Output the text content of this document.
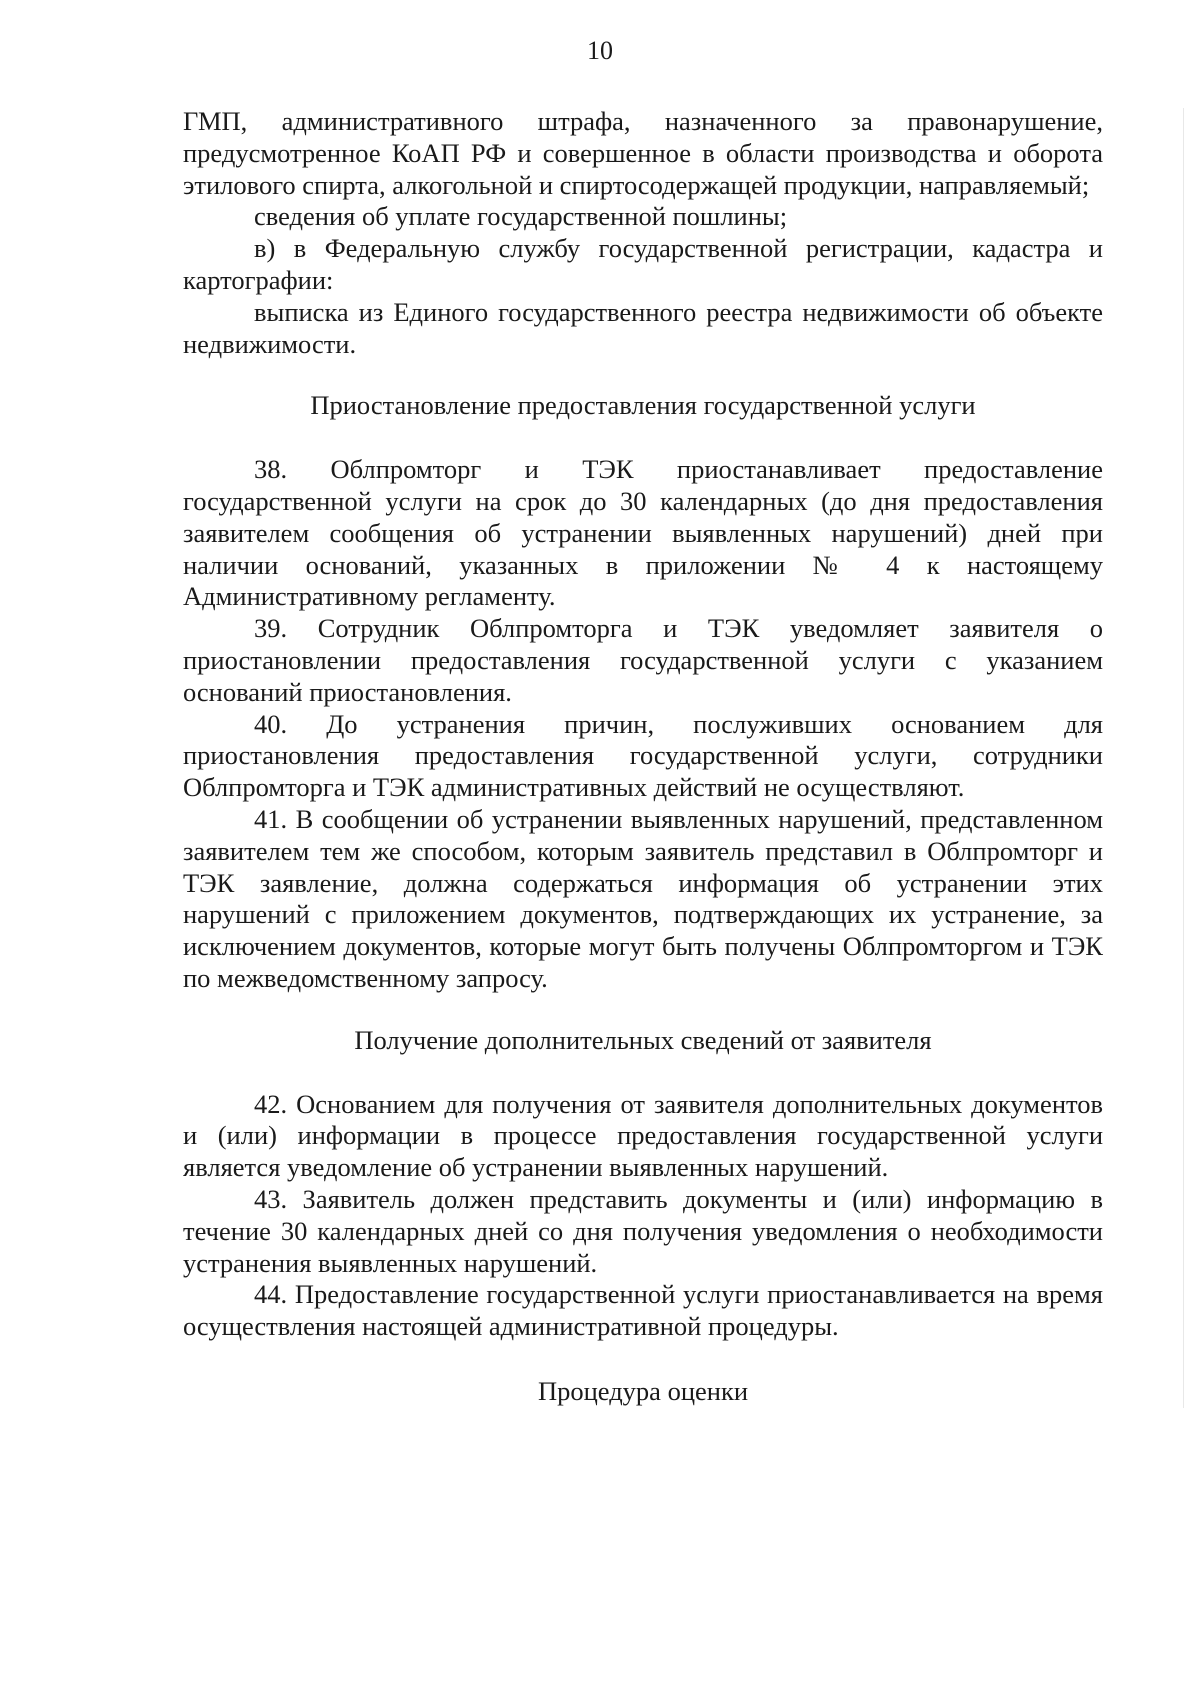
10

ГМП, административного штрафа, назначенного за правонарушение, предусмотренное КоАП РФ и совершенное в области производства и оборота этилового спирта, алкогольной и спиртосодержащей продукции, направляемый;

сведения об уплате государственной пошлины;

в) в Федеральную службу государственной регистрации, кадастра и картографии:

выписка из Единого государственного реестра недвижимости об объекте недвижимости.

Приостановление предоставления государственной услуги

38. Облпромторг и ТЭК приостанавливает предоставление государственной услуги на срок до 30 календарных (до дня предоставления заявителем сообщения об устранении выявленных нарушений) дней при наличии оснований, указанных в приложении № 4 к настоящему Административному регламенту.

39. Сотрудник Облпромторга и ТЭК уведомляет заявителя о приостановлении предоставления государственной услуги с указанием оснований приостановления.

40. До устранения причин, послуживших основанием для приостановления предоставления государственной услуги, сотрудники Облпромторга и ТЭК административных действий не осуществляют.

41. В сообщении об устранении выявленных нарушений, представленном заявителем тем же способом, которым заявитель представил в Облпромторг и ТЭК заявление, должна содержаться информация об устранении этих нарушений с приложением документов, подтверждающих их устранение, за исключением документов, которые могут быть получены Облпромторгом и ТЭК по межведомственному запросу.

Получение дополнительных сведений от заявителя

42. Основанием для получения от заявителя дополнительных документов и (или) информации в процессе предоставления государственной услуги является уведомление об устранении выявленных нарушений.

43. Заявитель должен представить документы и (или) информацию в течение 30 календарных дней со дня получения уведомления о необходимости устранения выявленных нарушений.

44. Предоставление государственной услуги приостанавливается на время осуществления настоящей административной процедуры.

Процедура оценки
